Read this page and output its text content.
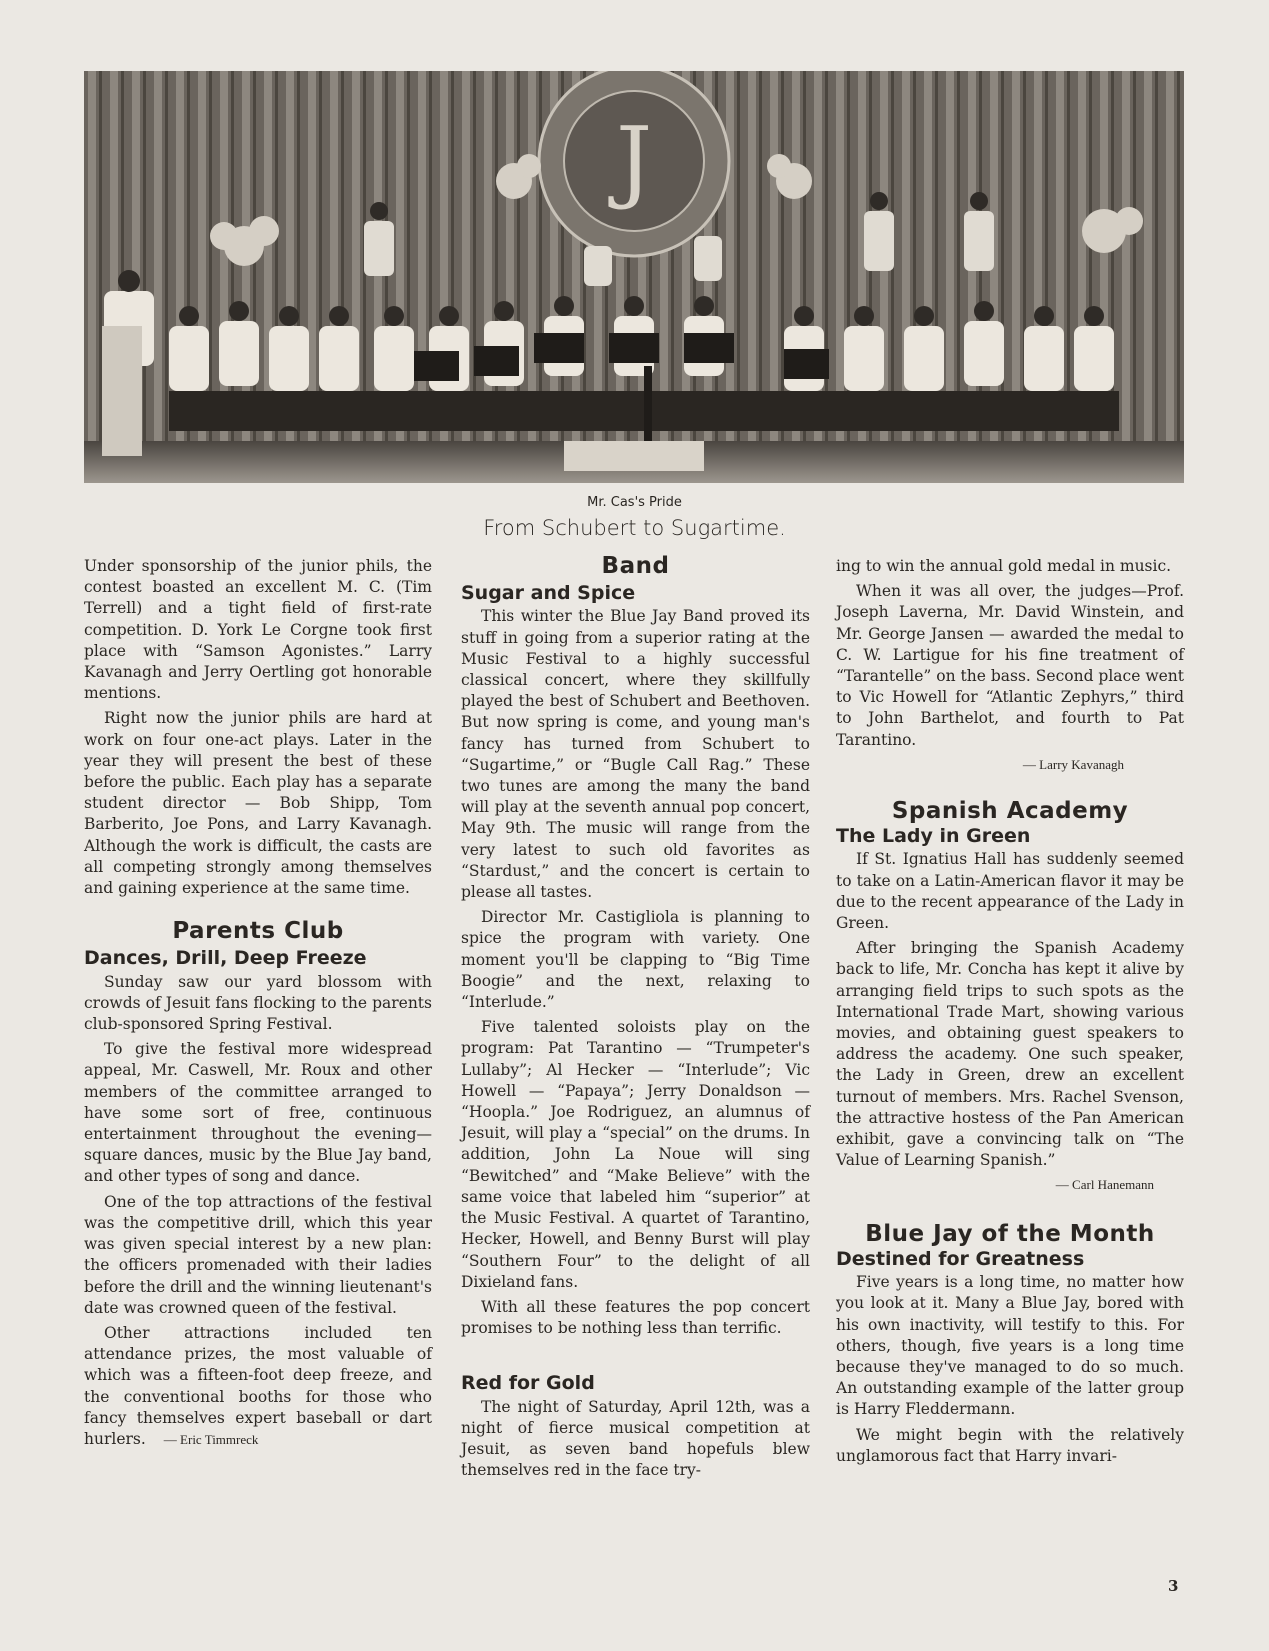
J
Mr. Cas's Pride
From Schubert to Sugartime.

Under sponsorship of the junior phils, the contest boasted an excellent M. C. (Tim Terrell) and a tight field of first-rate competition. D. York Le Corgne took first place with “Samson Agonistes.” Larry Kavanagh and Jerry Oertling got honorable mentions.

Right now the junior phils are hard at work on four one-act plays. Later in the year they will present the best of these before the public. Each play has a separate student director — Bob Shipp, Tom Barberito, Joe Pons, and Larry Kavanagh. Although the work is difficult, the casts are all competing strongly among themselves and gaining experience at the same time.

Parents Club
Dances, Drill, Deep Freeze

Sunday saw our yard blossom with crowds of Jesuit fans flocking to the parents club-sponsored Spring Festival.

To give the festival more widespread appeal, Mr. Caswell, Mr. Roux and other members of the committee arranged to have some sort of free, continuous entertainment throughout the evening—square dances, music by the Blue Jay band, and other types of song and dance.

One of the top attractions of the festival was the competitive drill, which this year was given special interest by a new plan: the officers promenaded with their ladies before the drill and the winning lieutenant's date was crowned queen of the festival.

Other attractions included ten attendance prizes, the most valuable of which was a fifteen-foot deep freeze, and the conventional booths for those who fancy themselves expert baseball or dart hurlers. — Eric Timmreck

Band
Sugar and Spice

This winter the Blue Jay Band proved its stuff in going from a superior rating at the Music Festival to a highly successful classical concert, where they skillfully played the best of Schubert and Beethoven. But now spring is come, and young man's fancy has turned from Schubert to “Sugartime,” or “Bugle Call Rag.” These two tunes are among the many the band will play at the seventh annual pop concert, May 9th. The music will range from the very latest to such old favorites as “Stardust,” and the concert is certain to please all tastes.

Director Mr. Castigliola is planning to spice the program with variety. One moment you'll be clapping to “Big Time Boogie” and the next, relaxing to “Interlude.”

Five talented soloists play on the program: Pat Tarantino — “Trumpeter's Lullaby”; Al Hecker — “Interlude”; Vic Howell — “Papaya”; Jerry Donaldson — “Hoopla.” Joe Rodriguez, an alumnus of Jesuit, will play a “special” on the drums. In addition, John La Noue will sing “Bewitched” and “Make Believe” with the same voice that labeled him “superior” at the Music Festival. A quartet of Tarantino, Hecker, Howell, and Benny Burst will play “Southern Four” to the delight of all Dixieland fans.

With all these features the pop concert promises to be nothing less than terrific.

Red for Gold

The night of Saturday, April 12th, was a night of fierce musical competition at Jesuit, as seven band hopefuls blew themselves red in the face try-

ing to win the annual gold medal in music.

When it was all over, the judges—Prof. Joseph Laverna, Mr. David Winstein, and Mr. George Jansen — awarded the medal to C. W. Lartigue for his fine treatment of “Tarantelle” on the bass. Second place went to Vic Howell for “Atlantic Zephyrs,” third to John Barthelot, and fourth to Pat Tarantino.

— Larry Kavanagh
Spanish Academy
The Lady in Green

If St. Ignatius Hall has suddenly seemed to take on a Latin-American flavor it may be due to the recent appearance of the Lady in Green.

After bringing the Spanish Academy back to life, Mr. Concha has kept it alive by arranging field trips to such spots as the International Trade Mart, showing various movies, and obtaining guest speakers to address the academy. One such speaker, the Lady in Green, drew an excellent turnout of members. Mrs. Rachel Svenson, the attractive hostess of the Pan American exhibit, gave a convincing talk on “The Value of Learning Spanish.”

— Carl Hanemann
Blue Jay of the Month
Destined for Greatness

Five years is a long time, no matter how you look at it. Many a Blue Jay, bored with his own inactivity, will testify to this. For others, though, five years is a long time because they've managed to do so much. An outstanding example of the latter group is Harry Fleddermann.

We might begin with the relatively unglamorous fact that Harry invari-

3
